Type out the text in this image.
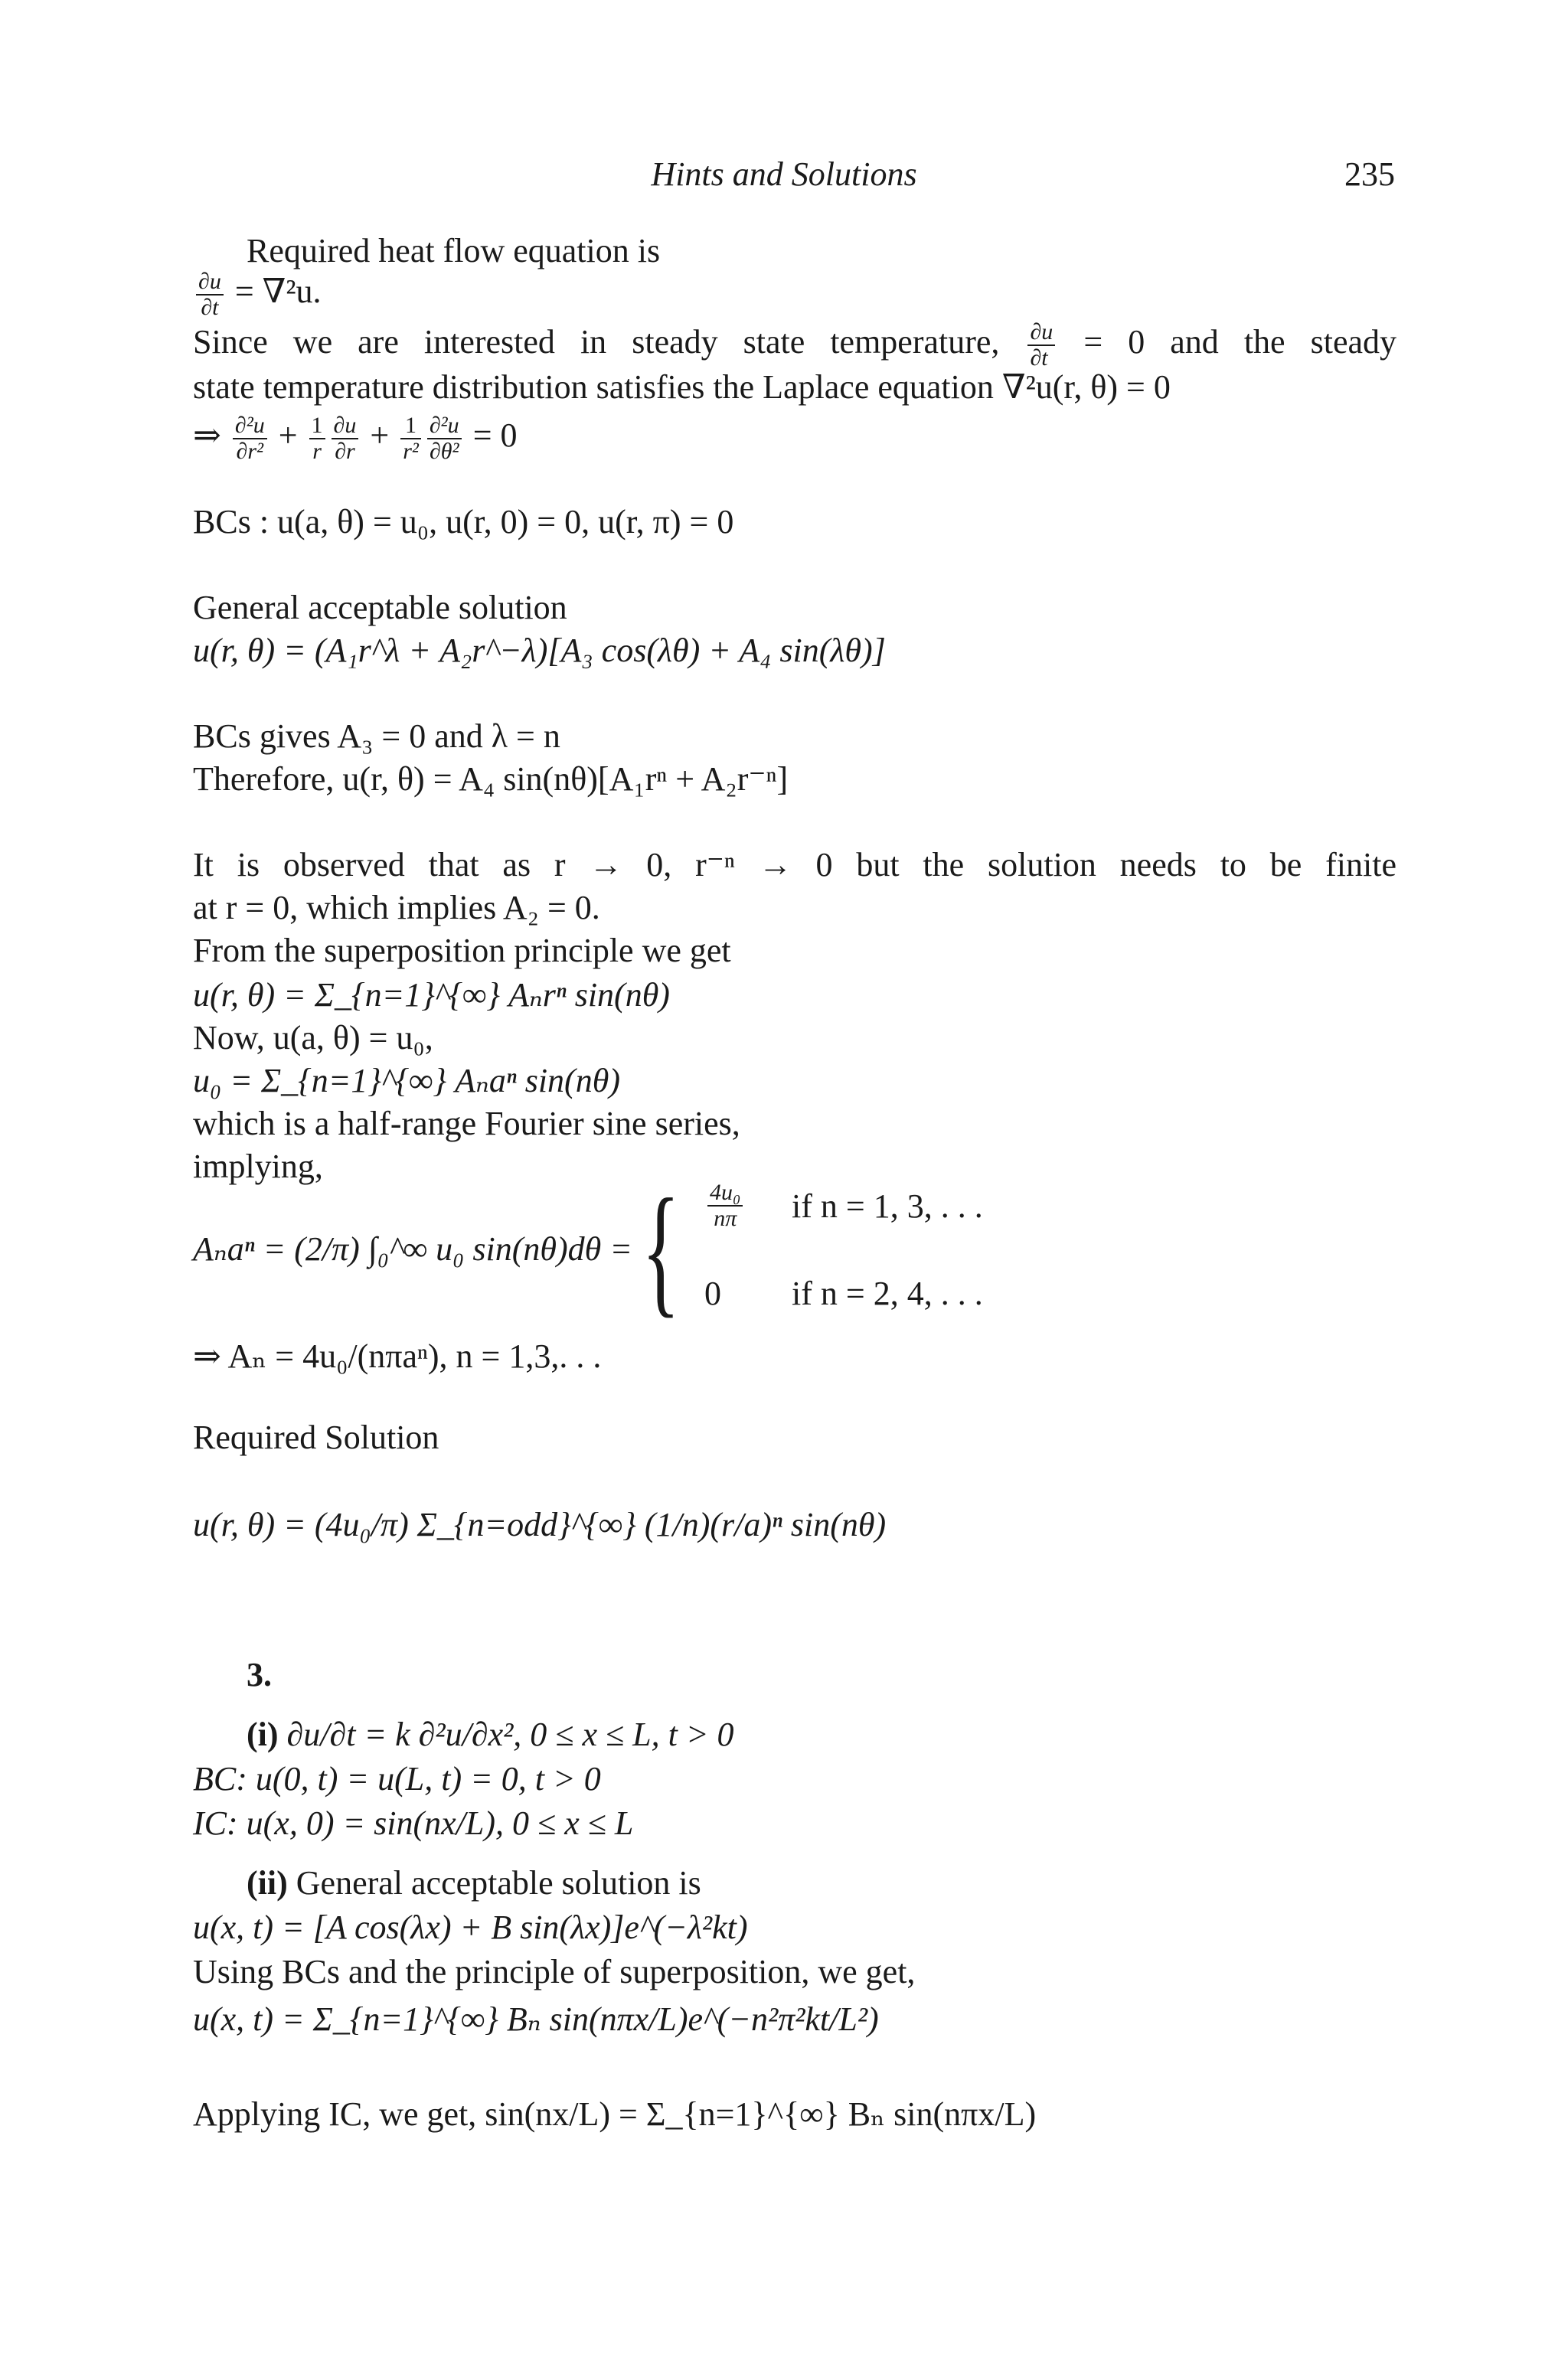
Hints and Solutions	235
Required heat flow equation is
$\frac{\partial u}{\partial t} = \nabla^2u$.
Since we are interested in steady state temperature, $\frac{\partial u}{\partial t} = 0$ and the steady
state temperature distribution satisfies the Laplace equation ∇²u(r, θ) = 0
⇒ $\frac{\text{∂²u}}{\text{∂r²}} + \frac{1}{r} \frac{\partial u}{\partial r} + \frac{1}{\text{r²}} \frac{\text{∂²u}}{\text{∂θ²}} = 0$
BCs : u(a, θ) = u₀, u(r, 0) = 0, u(r, π) = 0
General acceptable solution
u(r, θ) = (A₁r^λ + A₂r^−λ)[A₃ cos(λθ) + A₄ sin(λθ)]
BCs gives A₃ = 0 and λ = n
Therefore, u(r, θ) = A₄ sin(nθ)[A₁rⁿ + A₂r⁻ⁿ]
It is observed that as r → 0, r⁻ⁿ → 0 but the solution needs to be finite
at r = 0, which implies A₂ = 0.
From the superposition principle we get
u(r, θ) = Σ_{n=1}^{∞} Aₙrⁿ sin(nθ)
Now, u(a, θ) = u₀,
u₀ = Σ_{n=1}^{∞} Aₙaⁿ sin(nθ)
which is a half-range Fourier sine series,
implying,
Aₙaⁿ = (2/π) ∫₀^∞ u₀ sin(nθ)dθ = { $\frac{\text{4u₀}}{n\pi}$ if n = 1, 3, . . .
0 if n = 2, 4, . . .
⇒ Aₙ = 4u₀/(nπaⁿ), n = 1,3,. . .
Required Solution
u(r, θ) = (4u₀/π) Σ_{n=odd}^{∞} (1/n)(r/a)ⁿ sin(nθ)
3.
(i) ∂u/∂t = k ∂²u/∂x², 0 ≤ x ≤ L, t > 0
BC: u(0, t) = u(L, t) = 0, t > 0
IC: u(x, 0) = sin(nx/L), 0 ≤ x ≤ L
(ii) General acceptable solution is
u(x, t) = [A cos(λx) + B sin(λx)]e^(−λ²kt)
Using BCs and the principle of superposition, we get,
u(x, t) = Σ_{n=1}^{∞} Bₙ sin(nπx/L)e^(−n²π²kt/L²)
Applying IC, we get, sin(nx/L) = Σ_{n=1}^{∞} Bₙ sin(nπx/L)
